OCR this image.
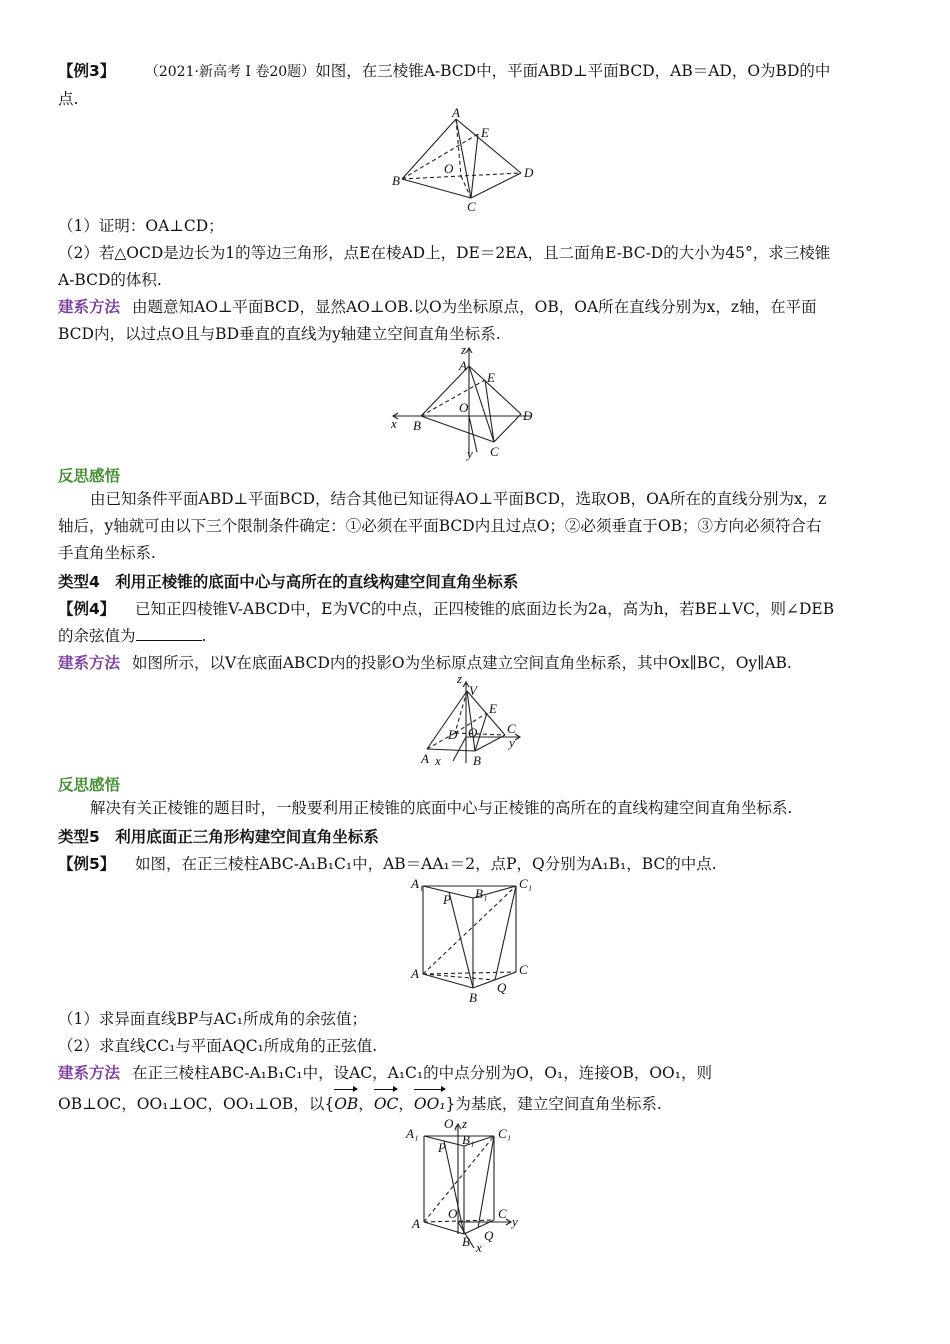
【例3】 （2021·新高考 Ⅰ 卷20题）如图，在三棱锥A-BCD中，平面ABD⊥平面BCD，AB＝AD，O为BD的中

点.

A
E
O
B
D
C

（1）证明：OA⊥CD；

（2）若△OCD是边长为1的等边三角形，点E在棱AD上，DE＝2EA，且二面角E-BC-D的大小为45°，求三棱锥

A-BCD的体积.

建系方法 由题意知AO⊥平面BCD，显然AO⊥OB.以O为坐标原点，OB，OA所在直线分别为x，z轴，在平面

BCD内，以过点O且与BD垂直的直线为y轴建立空间直角坐标系.

z
A
E
O
D
x B
y C
反思感悟

由已知条件平面ABD⊥平面BCD，结合其他已知证得AO⊥平面BCD，选取OB，OA所在的直线分别为x，z

轴后，y轴就可由以下三个限制条件确定：①必须在平面BCD内且过点O；②必须垂直于OB；③方向必须符合右

手直角坐标系.

类型4　利用正棱锥的底面中心与高所在的直线构建空间直角坐标系

【例4】 已知正四棱锥V-ABCD中，E为VC的中点，正四棱锥的底面边长为2a，高为h，若BE⊥VC，则∠DEB

的余弦值为	.

建系方法 如图所示，以V在底面ABCD内的投影O为坐标原点建立空间直角坐标系，其中Ox∥BC，Oy∥AB.

z
V
E
D O C
A x B
y
反思感悟

解决有关正棱锥的题目时，一般要利用正棱锥的底面中心与正棱锥的高所在的直线构建空间直角坐标系.

类型5　利用底面正三角形构建空间直角坐标系

【例5】 如图，在正三棱柱ABC-A₁B₁C₁中，AB＝AA₁＝2，点P，Q分别为A₁B₁，BC的中点.

A₁
P B₁
C₁
A	C
Q
B

（1）求异面直线BP与AC₁所成角的余弦值；

（2）求直线CC₁与平面AQC₁所成角的正弦值.

建系方法 在正三棱柱ABC-A₁B₁C₁中，设AC，A₁C₁的中点分别为O，O₁，连接OB，OO₁，则

OB⊥OC，OO₁⊥OC，OO₁⊥OB，以{OB，OC，OO₁}为基底，建立空间直角坐标系.

O₁ z
A₁
P
B₁ C₁
O	C
A
Q
y
B x
